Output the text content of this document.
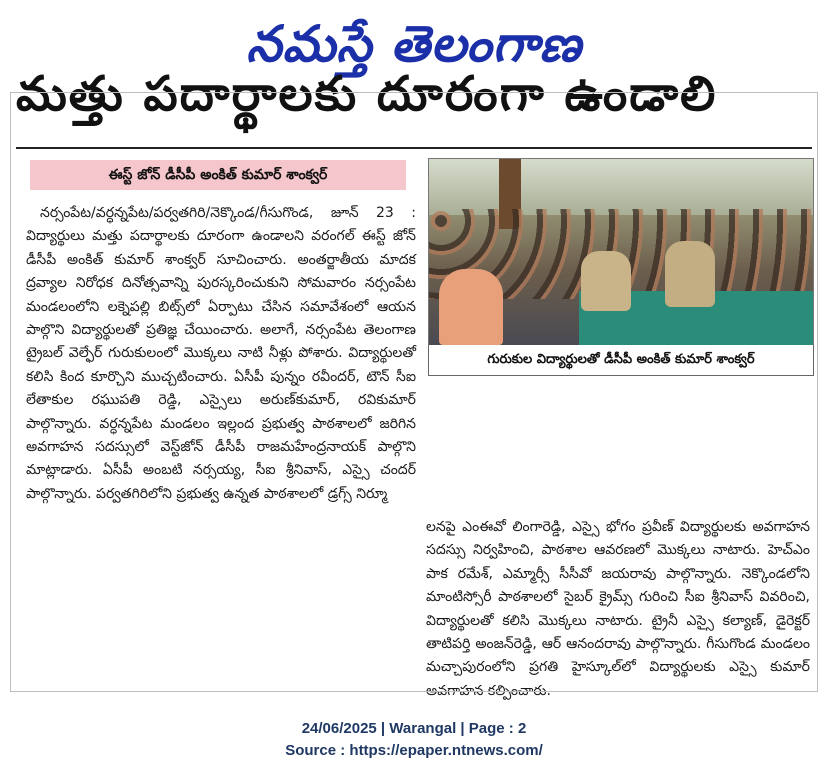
నమస్తే తెలంగాణ
మత్తు పదార్థాలకు దూరంగా ఉండాలి
ఈస్ట్ జోన్ డీసీపీ అంకిత్ కుమార్ శాంక్వర్

నర్సంపేట/వర్ధన్నపేట/పర్వతగిరి/నెక్కొండ/గీసుగొండ, జూన్ 23 : విద్యార్థులు మత్తు పదార్థాలకు దూరంగా ఉండాలని వరంగల్ ఈస్ట్ జోన్ డీసీపీ అంకిత్ కుమార్ శాంక్వర్ సూచించారు. అంతర్జాతీయ మాదక ద్రవ్యాల నిరోధక దినోత్సవాన్ని పురస్కరించుకుని సోమవారం నర్సంపేట మండలంలోని లక్నెపల్లి బిట్స్‌లో ఏర్పాటు చేసిన సమావేశంలో ఆయన పాల్గొని విద్యార్థులతో ప్రతిజ్ఞ చేయించారు. అలాగే, నర్సంపేట తెలంగాణ ట్రైబల్ వెల్ఫేర్ గురుకులంలో మొక్కలు నాటి నీళ్లు పోశారు. విద్యార్థులతో కలిసి కింద కూర్చొని ముచ్చటించారు. ఏసీపీ పున్నం రవీందర్, టౌన్ సీఐ లేతాకుల రఘుపతి రెడ్డి, ఎస్సైలు అరుణ్‌కుమార్, రవికుమార్ పాల్గొన్నారు. వర్ధన్నపేట మండలం ఇల్లంద ప్రభుత్వ పాఠశాలలో జరిగిన అవగాహన సదస్సులో వెస్ట్‌జోన్ డీసీపీ రాజమహేంద్రనాయక్ పాల్గొని మాట్లాడారు. ఏసీపీ అంబటి నర్సయ్య, సీఐ శ్రీనివాస్, ఎస్సై చందర్ పాల్గొన్నారు. పర్వతగిరిలోని ప్రభుత్వ ఉన్నత పాఠశాలలో డ్రగ్స్ నిర్మూ

గురుకుల విద్యార్థులతో డీసీపీ అంకిత్ కుమార్ శాంక్వర్

లనపై ఎంఈవో లింగారెడ్డి, ఎస్సై భోగం ప్రవీణ్ విద్యార్థులకు అవగాహన సదస్సు నిర్వహించి, పాఠశాల ఆవరణలో మొక్కలు నాటారు. హెచ్‌ఎం పాక రమేశ్, ఎమ్మార్సీ సీసీవో జయరావు పాల్గొన్నారు. నెక్కొండలోని మాంటిస్సోరీ పాఠశాలలో సైబర్ క్రైమ్స్ గురించి సీఐ శ్రీనివాస్ వివరించి, విద్యార్థులతో కలిసి మొక్కలు నాటారు. ట్రైనీ ఎస్సై కల్యాణ్, డైరెక్టర్ తాటిపర్తి అంజన్‌రెడ్డి, ఆర్ ఆనందరావు పాల్గొన్నారు. గీసుగొండ మండలం మచ్చాపురంలోని ప్రగతి హైస్కూల్‌లో విద్యార్థులకు ఎస్సై కుమార్ అవగాహన కల్పించారు.

24/06/2025 | Warangal | Page : 2
Source : https://epaper.ntnews.com/
